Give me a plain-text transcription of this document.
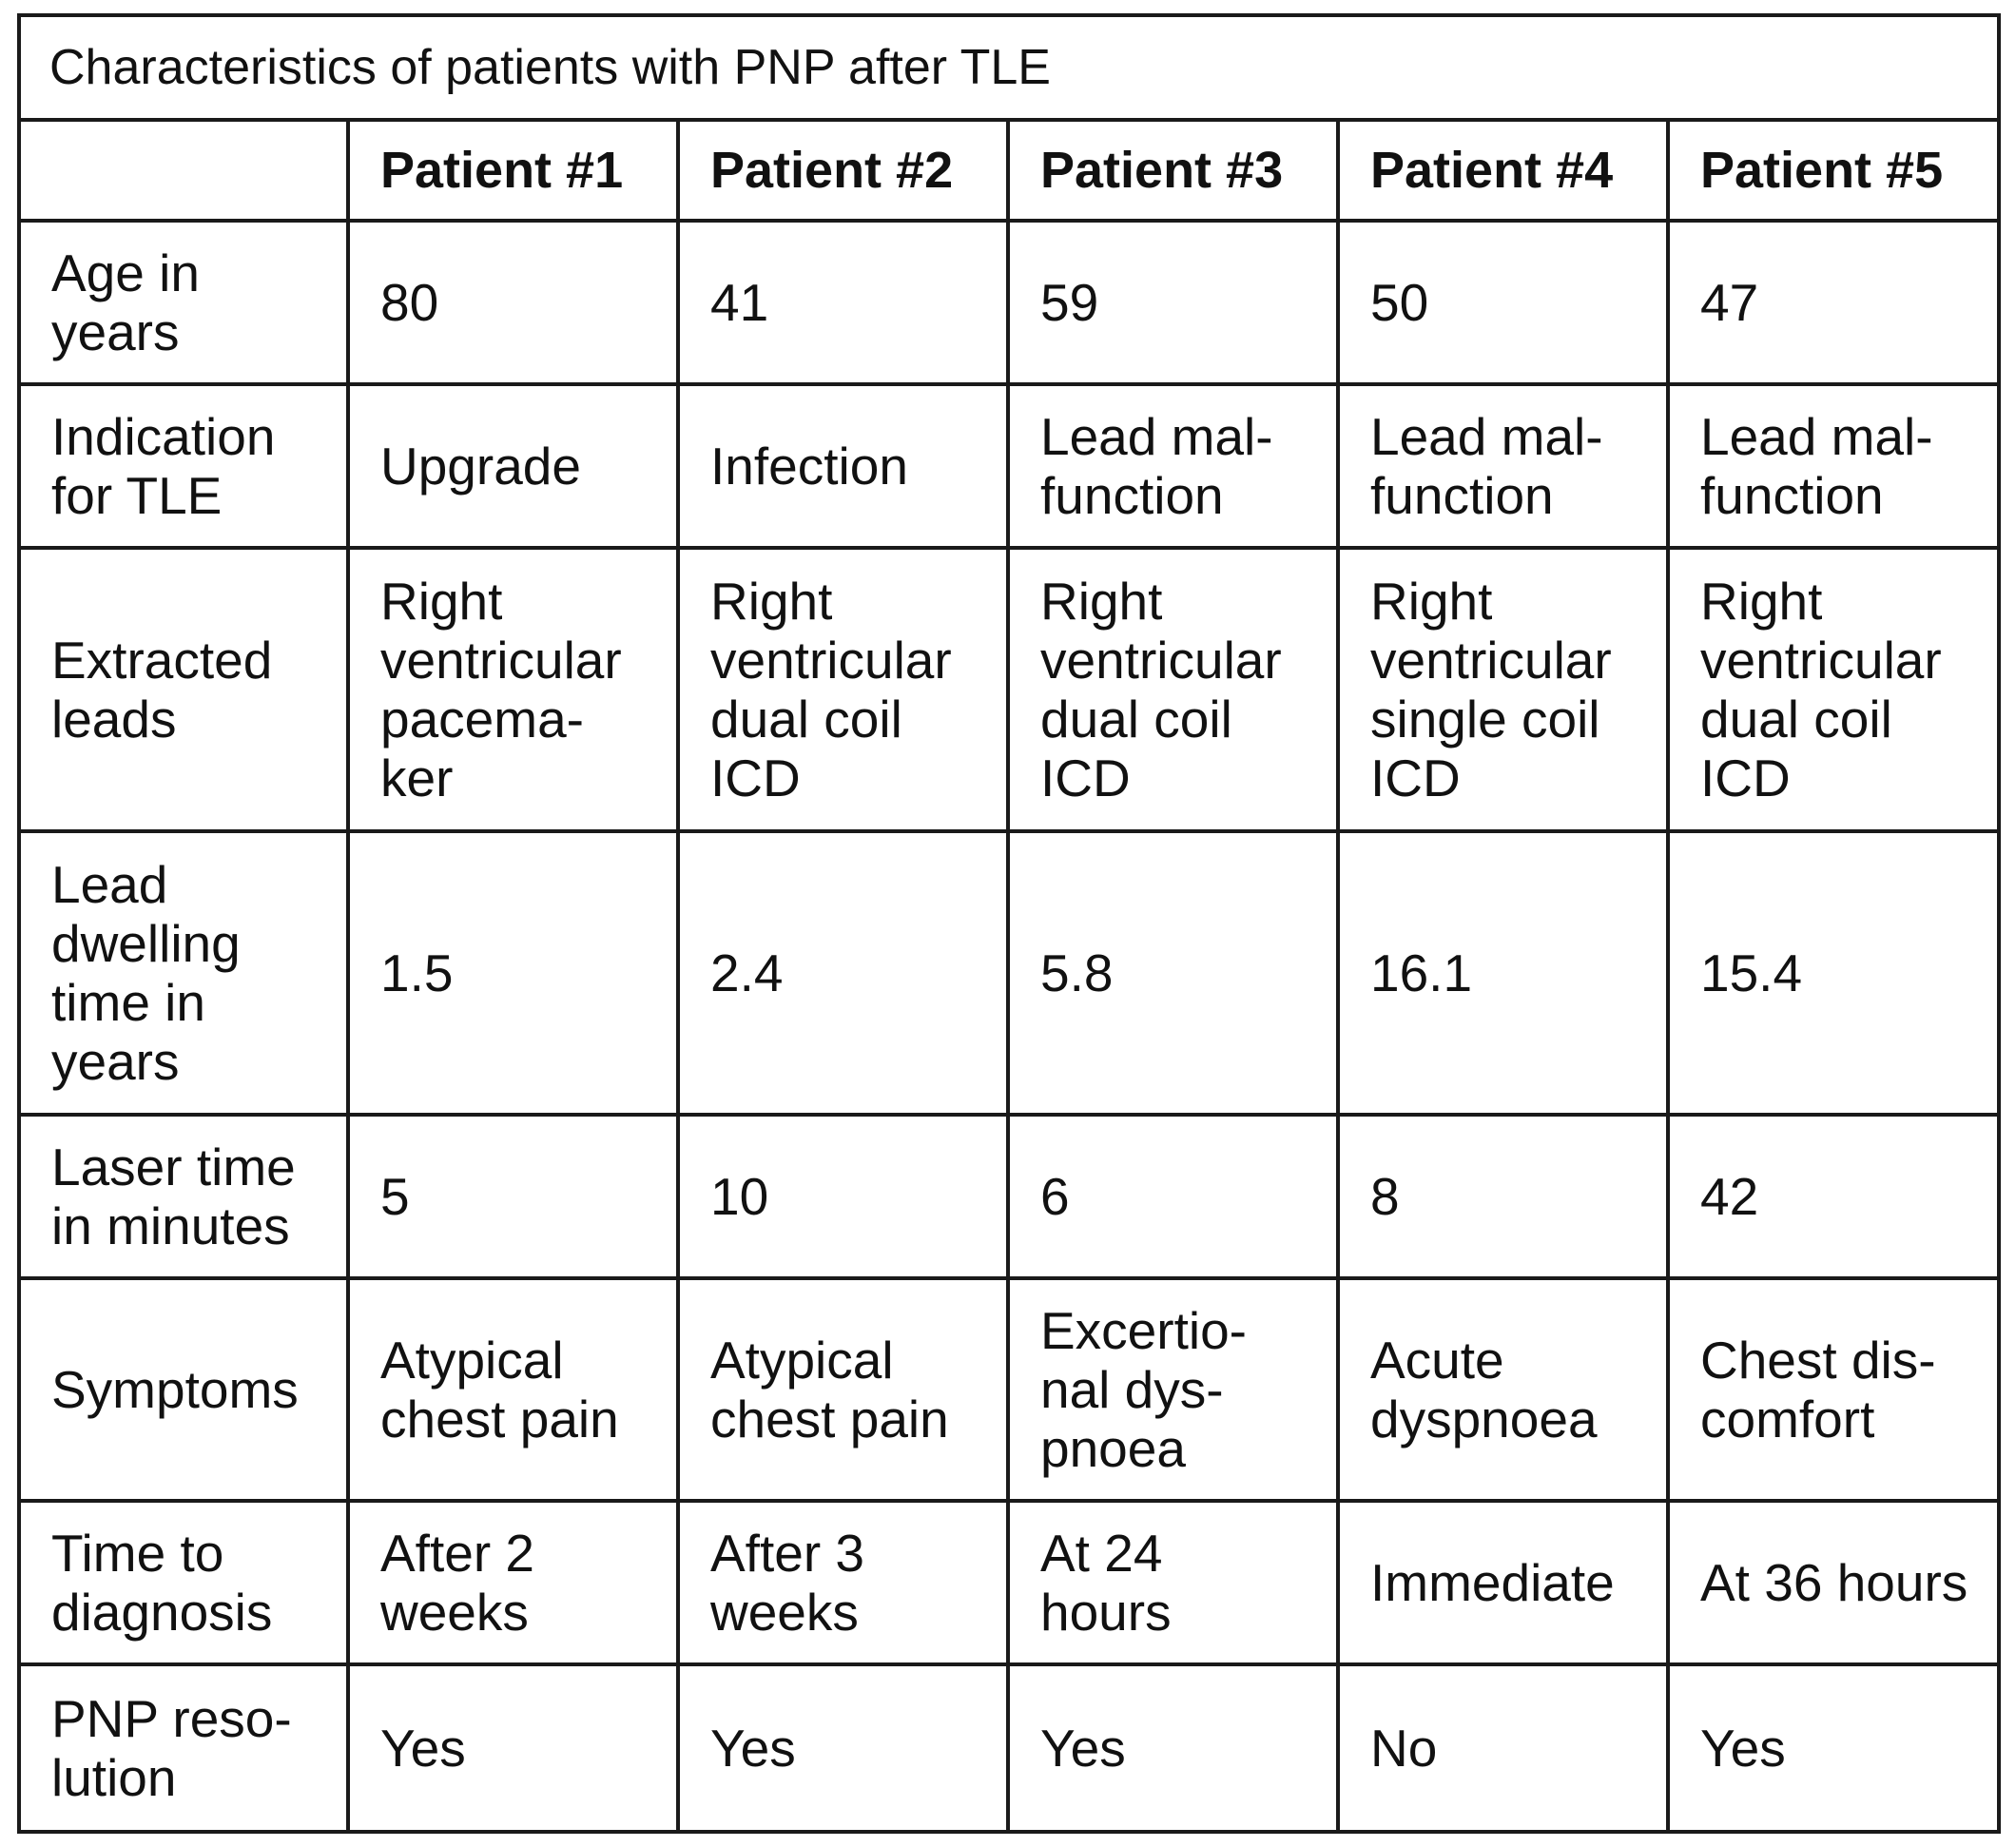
Characteristics of patients with PNP after TLE					
	Patient #1	Patient #2	Patient #3	Patient #4	Patient #5
Age in years	80	41	59	50	47
Indication for TLE	Upgrade	Infection	Lead mal-function	Lead mal-function	Lead mal-function
Extracted leads	Right ventricular pacema-ker	Right ventricular dual coil ICD	Right ventricular dual coil ICD	Right ventricular single coil ICD	Right ventricular dual coil ICD
Lead dwelling time in years	1.5	2.4	5.8	16.1	15.4
Laser time in minutes	5	10	6	8	42
Symptoms	Atypical chest pain	Atypical chest pain	Excertio-nal dys-pnoea	Acute dyspnoea	Chest dis-comfort
Time to diagnosis	After 2 weeks	After 3 weeks	At 24 hours	Immediate	At 36 hours
PNP reso-lution	Yes	Yes	Yes	No	Yes
